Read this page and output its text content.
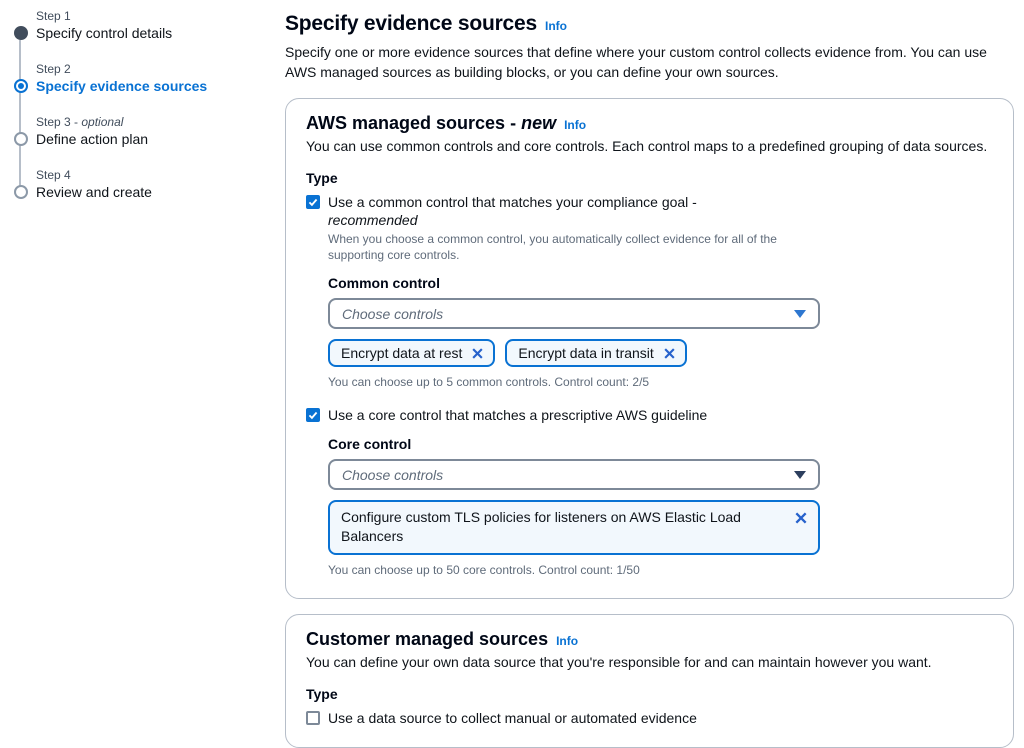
Step 1
Specify control details
Step 2
Specify evidence sources
Step 3 - optional
Define action plan
Step 4
Review and create
Specify evidence sources Info

Specify one or more evidence sources that define where your custom control collects evidence from. You can use AWS managed sources as building blocks, or you can define your own sources.

AWS managed sources - new Info

You can use common controls and core controls. Each control maps to a predefined grouping of data sources.

Type
Use a common control that matches your compliance goal -
recommended
When you choose a common control, you automatically collect evidence for all of the supporting core controls.
Common control
Choose controls
Encrypt data at rest	Encrypt data in transit
You can choose up to 5 common controls. Control count: 2/5
Use a core control that matches a prescriptive AWS guideline
Core control
Choose controls
Configure custom TLS policies for listeners on AWS Elastic Load Balancers
You can choose up to 50 core controls. Control count: 1/50
Customer managed sources Info

You can define your own data source that you're responsible for and can maintain however you want.

Type
Use a data source to collect manual or automated evidence
